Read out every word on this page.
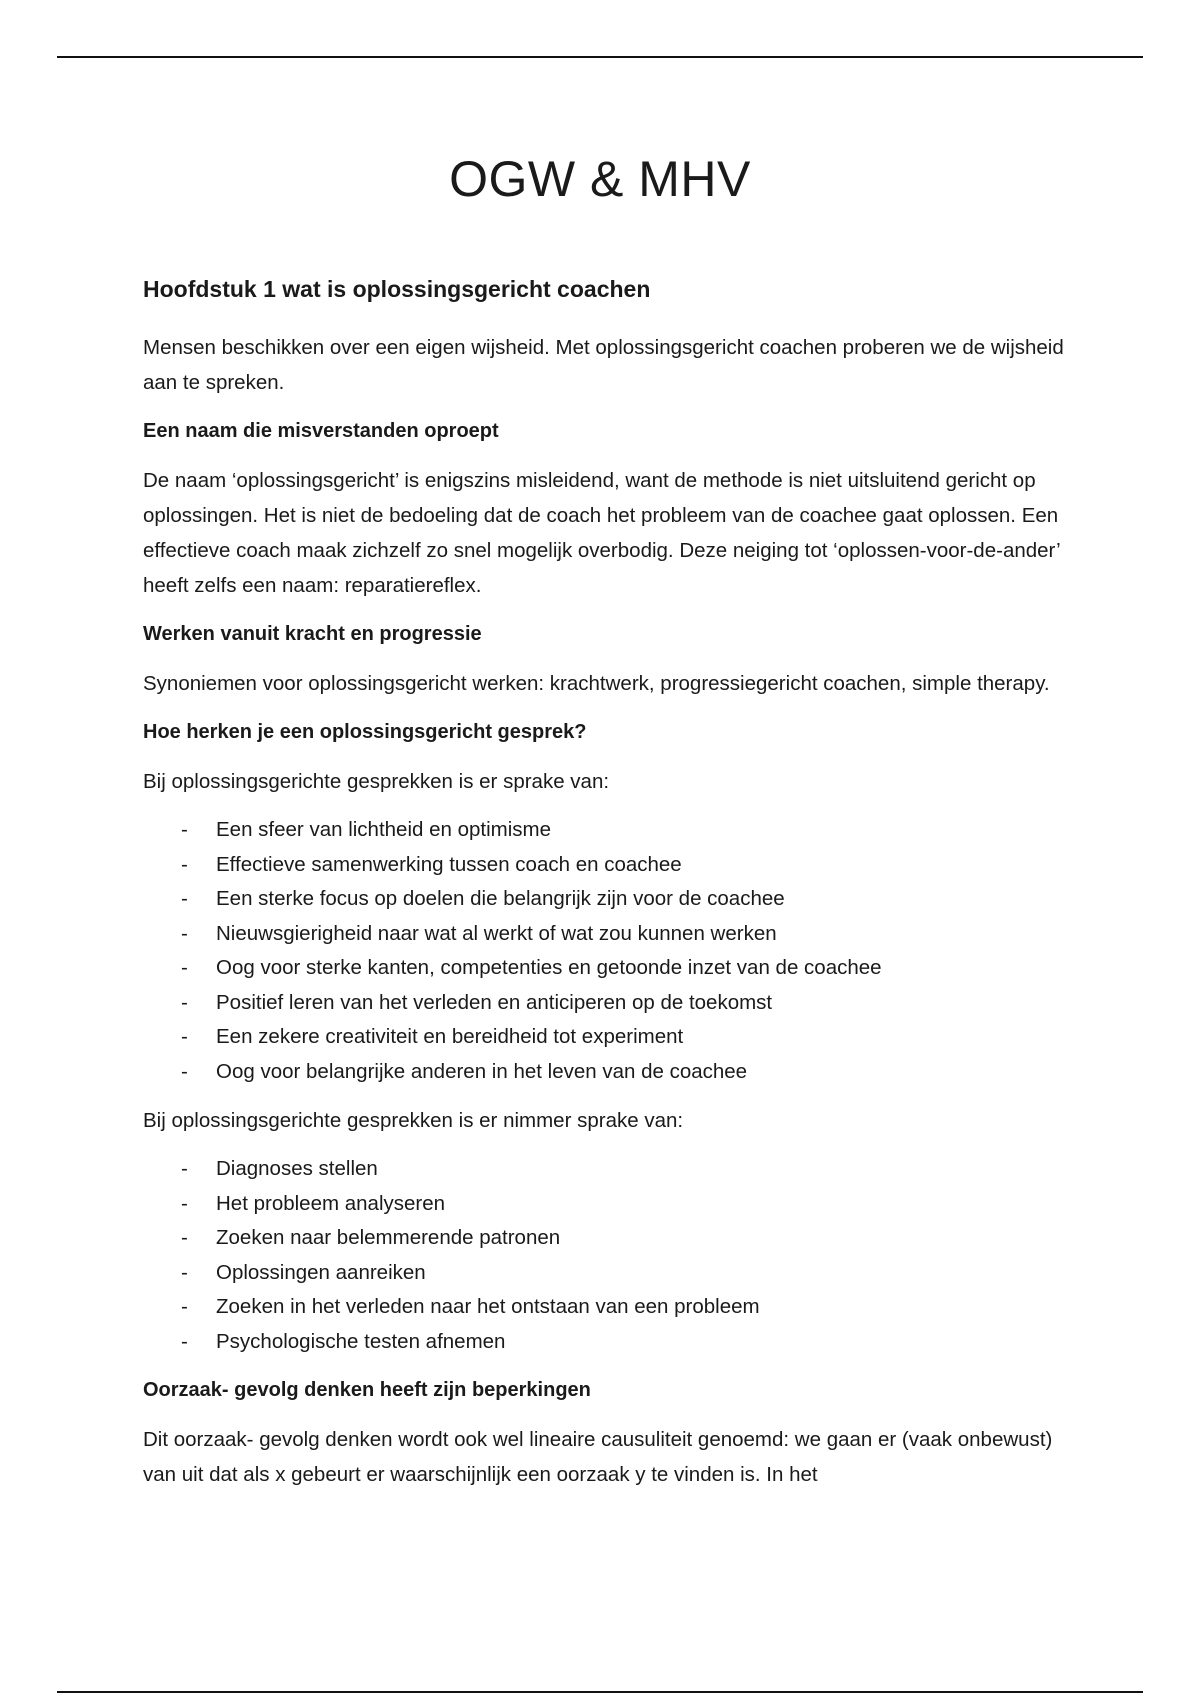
OGW & MHV
Hoofdstuk 1 wat is oplossingsgericht coachen

Mensen beschikken over een eigen wijsheid. Met oplossingsgericht coachen proberen we de wijsheid aan te spreken.

Een naam die misverstanden oproept

De naam ‘oplossingsgericht’ is enigszins misleidend, want de methode is niet uitsluitend gericht op oplossingen. Het is niet de bedoeling dat de coach het probleem van de coachee gaat oplossen. Een effectieve coach maak zichzelf zo snel mogelijk overbodig. Deze neiging tot ‘oplossen-voor-de-ander’ heeft zelfs een naam: reparatiereflex.

Werken vanuit kracht en progressie

Synoniemen voor oplossingsgericht werken: krachtwerk, progressiegericht coachen, simple therapy.

Hoe herken je een oplossingsgericht gesprek?

Bij oplossingsgerichte gesprekken is er sprake van:

- Een sfeer van lichtheid en optimisme
- Effectieve samenwerking tussen coach en coachee
- Een sterke focus op doelen die belangrijk zijn voor de coachee
- Nieuwsgierigheid naar wat al werkt of wat zou kunnen werken
- Oog voor sterke kanten, competenties en getoonde inzet van de coachee
- Positief leren van het verleden en anticiperen op de toekomst
- Een zekere creativiteit en bereidheid tot experiment
- Oog voor belangrijke anderen in het leven van de coachee

Bij oplossingsgerichte gesprekken is er nimmer sprake van:

- Diagnoses stellen
- Het probleem analyseren
- Zoeken naar belemmerende patronen
- Oplossingen aanreiken
- Zoeken in het verleden naar het ontstaan van een probleem
- Psychologische testen afnemen
Oorzaak- gevolg denken heeft zijn beperkingen

Dit oorzaak- gevolg denken wordt ook wel lineaire causuliteit genoemd: we gaan er (vaak onbewust) van uit dat als x gebeurt er waarschijnlijk een oorzaak y te vinden is. In het
